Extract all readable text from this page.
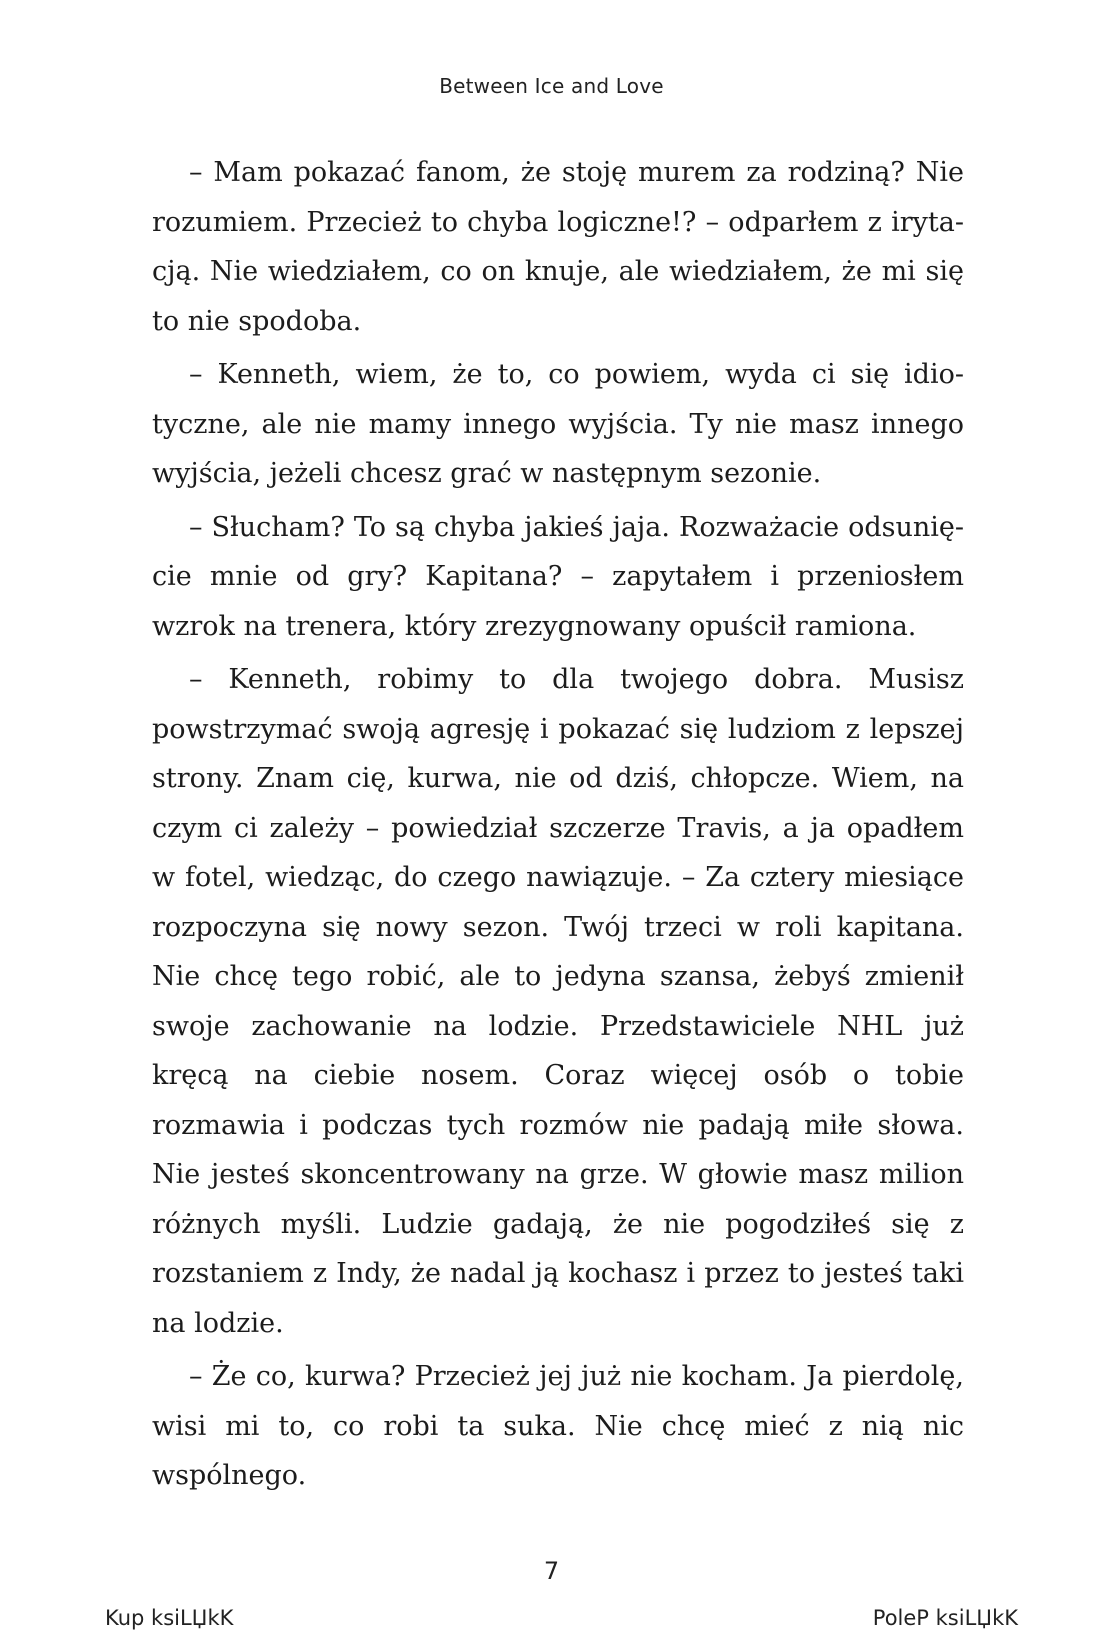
Between Ice and Love

– Mam pokazać fanom, że stoję murem za rodziną? Nie rozumiem. Przecież to chyba logiczne!? – odparłem z irytacją. Nie wiedziałem, co on knuje, ale wiedziałem, że mi się to nie spodoba.

– Kenneth, wiem, że to, co powiem, wyda ci się idiotyczne, ale nie mamy innego wyjścia. Ty nie masz innego wyjścia, jeżeli chcesz grać w następnym sezonie.

– Słucham? To są chyba jakieś jaja. Rozważacie odsunięcie mnie od gry? Kapitana? – zapytałem i przeniosłem wzrok na trenera, który zrezygnowany opuścił ramiona.

– Kenneth, robimy to dla twojego dobra. Musisz powstrzymać swoją agresję i pokazać się ludziom z lepszej strony. Znam cię, kurwa, nie od dziś, chłopcze. Wiem, na czym ci zależy – powiedział szczerze Travis, a ja opadłem w fotel, wiedząc, do czego nawiązuje. – Za cztery miesiące rozpoczyna się nowy sezon. Twój trzeci w roli kapitana. Nie chcę tego robić, ale to jedyna szansa, żebyś zmienił swoje zachowanie na lodzie. Przedstawiciele NHL już kręcą na ciebie nosem. Coraz więcej osób o tobie rozmawia i podczas tych rozmów nie padają miłe słowa. Nie jesteś skoncentrowany na grze. W głowie masz milion różnych myśli. Ludzie gadają, że nie pogodziłeś się z rozstaniem z Indy, że nadal ją kochasz i przez to jesteś taki na lodzie.

– Że co, kurwa? Przecież jej już nie kocham. Ja pierdolę, wisi mi to, co robi ta suka. Nie chcę mieć z nią nic wspólnego.

7
Kup ksiLЏkK	PoleP ksiLЏkK
